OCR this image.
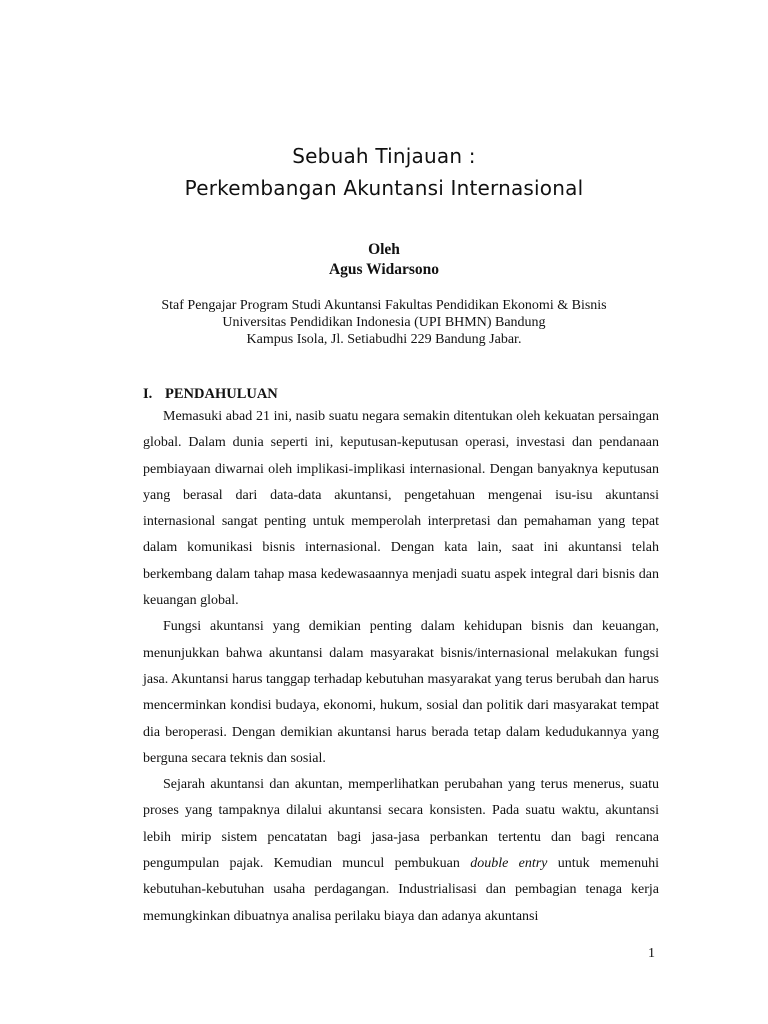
Sebuah Tinjauan :
Perkembangan Akuntansi Internasional
Oleh
Agus Widarsono
Staf Pengajar Program Studi Akuntansi Fakultas Pendidikan Ekonomi & Bisnis
Universitas Pendidikan Indonesia (UPI BHMN) Bandung
Kampus Isola, Jl. Setiabudhi 229 Bandung Jabar.
I. PENDAHULUAN

Memasuki abad 21 ini, nasib suatu negara semakin ditentukan oleh kekuatan persaingan global. Dalam dunia seperti ini, keputusan-keputusan operasi, investasi dan pendanaan pembiayaan diwarnai oleh implikasi-implikasi internasional. Dengan banyaknya keputusan yang berasal dari data-data akuntansi, pengetahuan mengenai isu-isu akuntansi internasional sangat penting untuk memperolah interpretasi dan pemahaman yang tepat dalam komunikasi bisnis internasional. Dengan kata lain, saat ini akuntansi telah berkembang dalam tahap masa kedewasaannya menjadi suatu aspek integral dari bisnis dan keuangan global.

Fungsi akuntansi yang demikian penting dalam kehidupan bisnis dan keuangan, menunjukkan bahwa akuntansi dalam masyarakat bisnis/internasional melakukan fungsi jasa. Akuntansi harus tanggap terhadap kebutuhan masyarakat yang terus berubah dan harus mencerminkan kondisi budaya, ekonomi, hukum, sosial dan politik dari masyarakat tempat dia beroperasi. Dengan demikian akuntansi harus berada tetap dalam kedudukannya yang berguna secara teknis dan sosial.

Sejarah akuntansi dan akuntan, memperlihatkan perubahan yang terus menerus, suatu proses yang tampaknya dilalui akuntansi secara konsisten. Pada suatu waktu, akuntansi lebih mirip sistem pencatatan bagi jasa-jasa perbankan tertentu dan bagi rencana pengumpulan pajak. Kemudian muncul pembukuan double entry untuk memenuhi kebutuhan-kebutuhan usaha perdagangan. Industrialisasi dan pembagian tenaga kerja memungkinkan dibuatnya analisa perilaku biaya dan adanya akuntansi

1
